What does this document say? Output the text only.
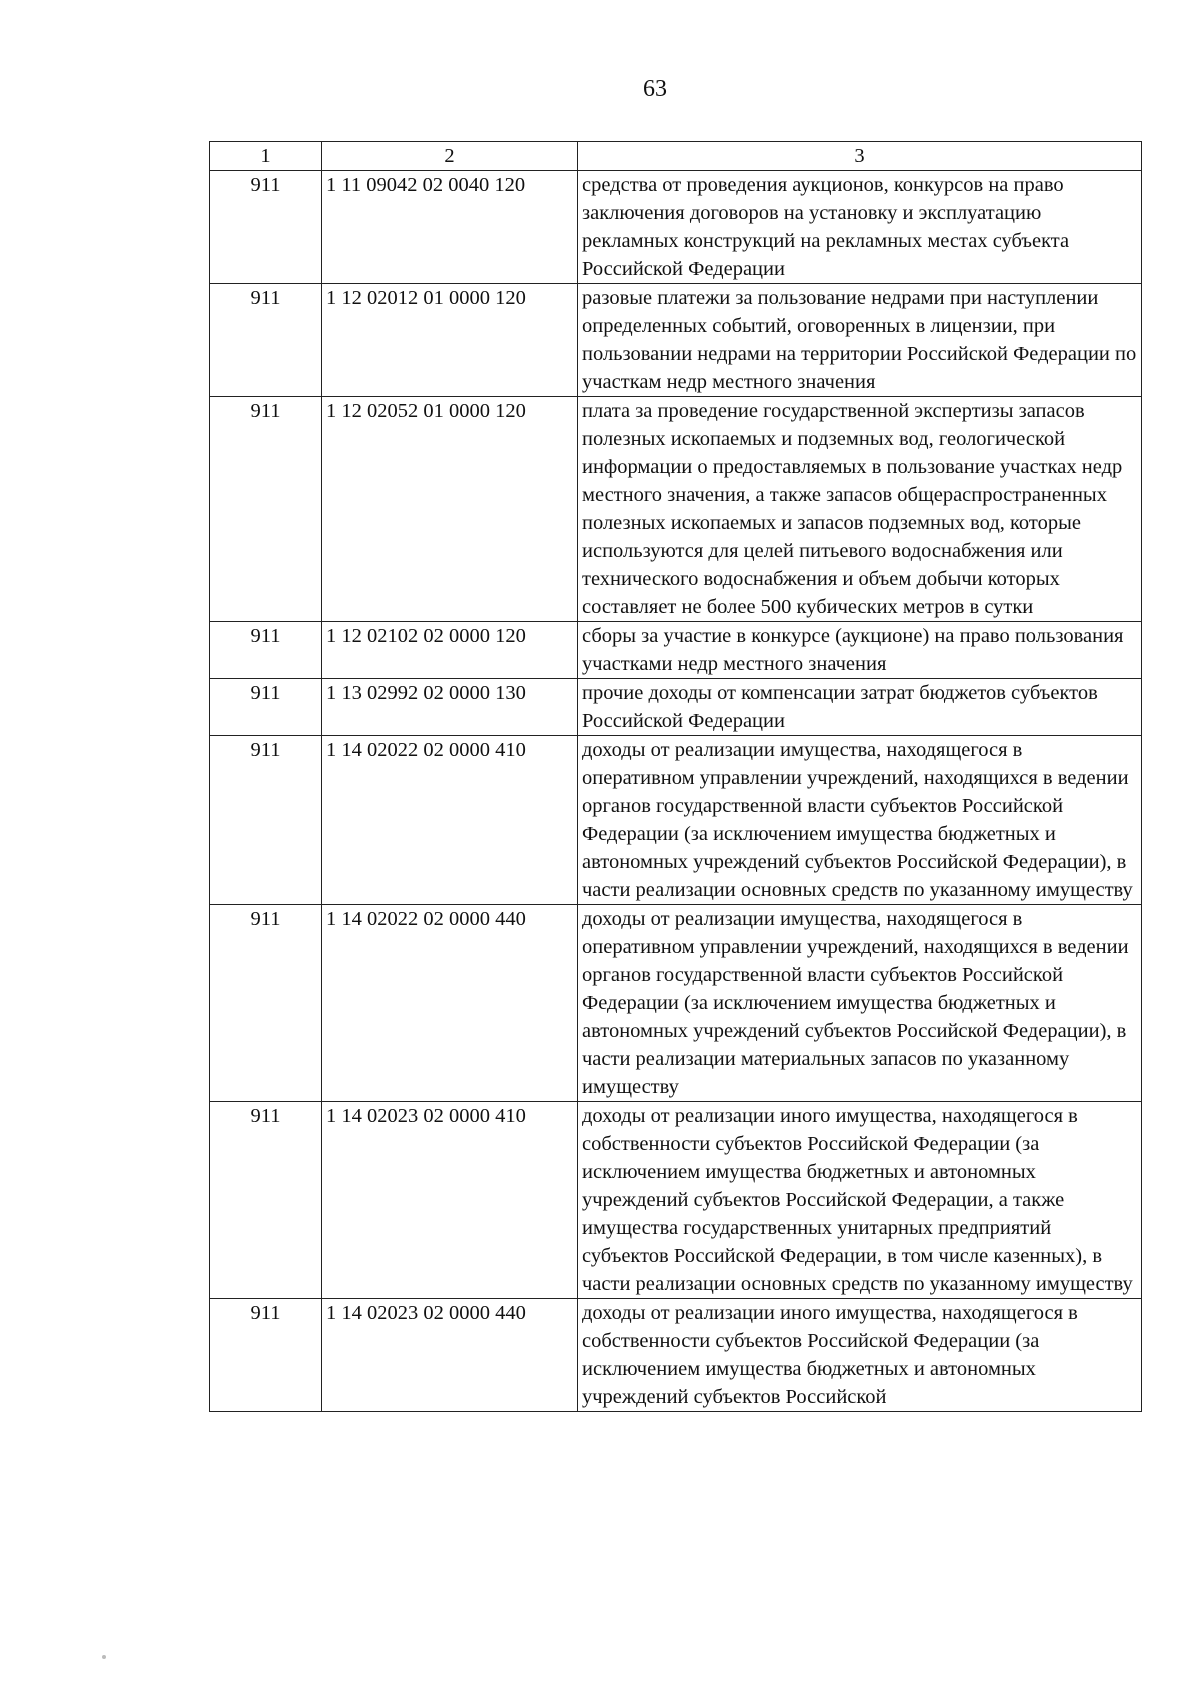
63
1	2	3
911	1 11 09042 02 0040 120	средства от проведения аукционов, конкурсов на право заключения договоров на установку и эксплуатацию рекламных конструкций на рекламных местах субъекта Российской Федерации
911	1 12 02012 01 0000 120	разовые платежи за пользование недрами при наступлении определенных событий, оговоренных в лицензии, при пользовании недрами на территории Российской Федерации по участкам недр местного значения
911	1 12 02052 01 0000 120	плата за проведение государственной экспертизы запасов полезных ископаемых и подземных вод, геологической информации о предоставляемых в пользование участках недр местного значения, а также запасов общераспространенных полезных ископаемых и запасов подземных вод, которые используются для целей питьевого водоснабжения или технического водоснабжения и объем добычи которых составляет не более 500 кубических метров в сутки
911	1 12 02102 02 0000 120	сборы за участие в конкурсе (аукционе) на право пользования участками недр местного значения
911	1 13 02992 02 0000 130	прочие доходы от компенсации затрат бюджетов субъектов Российской Федерации
911	1 14 02022 02 0000 410	доходы от реализации имущества, находящегося в оперативном управлении учреждений, находящихся в ведении органов государственной власти субъектов Российской Федерации (за исключением имущества бюджетных и автономных учреждений субъектов Российской Федерации), в части реализации основных средств по указанному имуществу
911	1 14 02022 02 0000 440	доходы от реализации имущества, находящегося в оперативном управлении учреждений, находящихся в ведении органов государственной власти субъектов Российской Федерации (за исключением имущества бюджетных и автономных учреждений субъектов Российской Федерации), в части реализации материальных запасов по указанному имуществу
911	1 14 02023 02 0000 410	доходы от реализации иного имущества, находящегося в собственности субъектов Российской Федерации (за исключением имущества бюджетных и автономных учреждений субъектов Российской Федерации, а также имущества государственных унитарных предприятий субъектов Российской Федерации, в том числе казенных), в части реализации основных средств по указанному имуществу
911	1 14 02023 02 0000 440	доходы от реализации иного имущества, находящегося в собственности субъектов Российской Федерации (за исключением имущества бюджетных и автономных учреждений субъектов Российской
